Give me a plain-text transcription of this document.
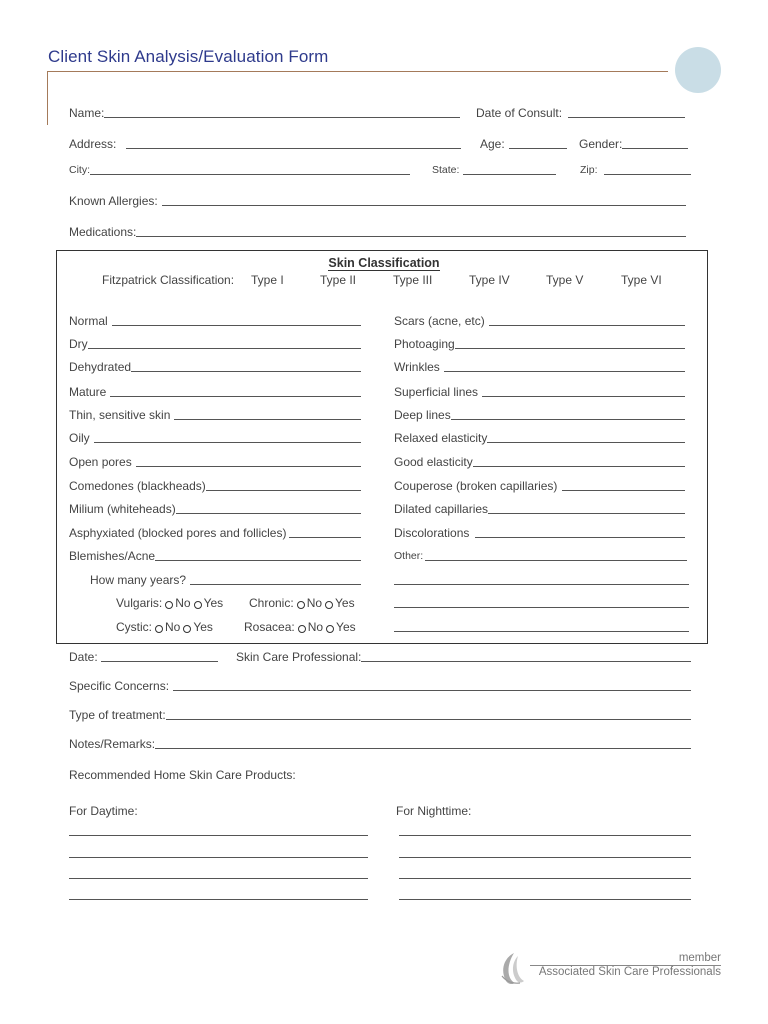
Client Skin Analysis/Evaluation Form
Name:	Date of Consult:
Address:	Age:	Gender:
City:	State:	Zip:
Known Allergies:
Medications:
Skin Classification
Fitzpatrick Classification: Type I	Type II	Type III	Type IV	Type V	Type VI
Normal
Dry
Dehydrated
Mature
Thin, sensitive skin
Oily
Open pores
Comedones (blackheads)
Milium (whiteheads)
Asphyxiated (blocked pores and follicles)
Blemishes/Acne
How many years?
Vulgaris: No Yes Chronic: No Yes
Cystic: No Yes	Rosacea: No Yes
Scars (acne, etc)
Photoaging
Wrinkles
Superficial lines
Deep lines
Relaxed elasticity
Good elasticity
Couperose (broken capillaries)
Dilated capillaries
Discolorations
Other:
Date:	Skin Care Professional:
Specific Concerns:
Type of treatment:
Notes/Remarks:
Recommended Home Skin Care Products:
For Daytime:	For Nighttime:
member
Associated Skin Care Professionals
